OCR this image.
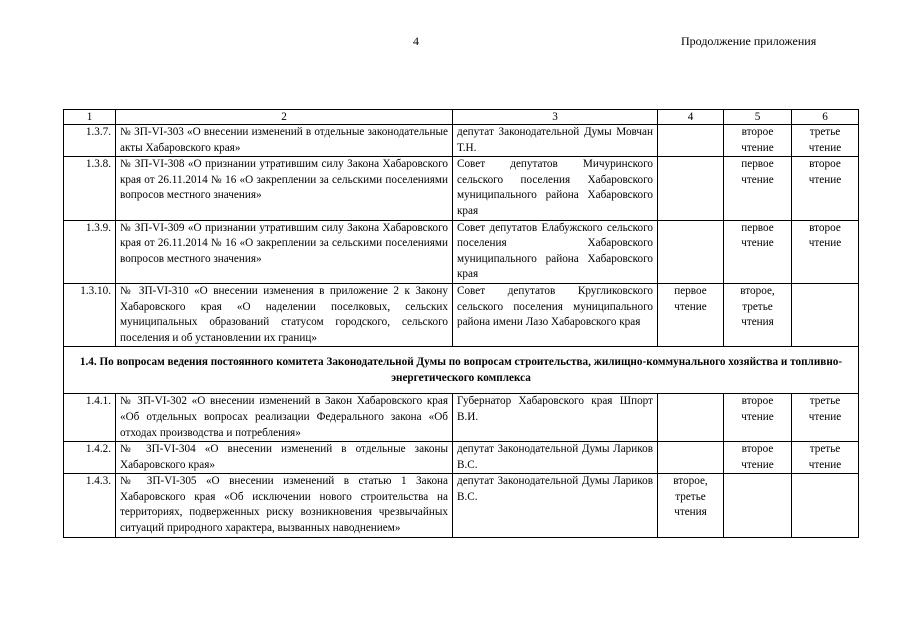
4	Продолжение приложения
1	2	3	4	5	6
1.3.7.	№ ЗП-VI-303 «О внесении изменений в отдельные законодательные акты Хабаровского края»	депутат Законодательной Думы Мовчан Т.Н.		второе чтение	третье чтение
1.3.8.	№ ЗП-VI-308 «О признании утратившим силу Закона Хабаровского края от 26.11.2014 № 16 «О закреплении за сельскими поселениями вопросов местного значения»	Совет депутатов Мичуринского сельского поселения Хабаровского муниципального района Хабаровского края		первое чтение	второе чтение
1.3.9.	№ ЗП-VI-309 «О признании утратившим силу Закона Хабаровского края от 26.11.2014 № 16 «О закреплении за сельскими поселениями вопросов местного значения»	Совет депутатов Елабужского сельского поселения Хабаровского муниципального района Хабаровского края		первое чтение	второе чтение
1.3.10.	№ ЗП-VI-310 «О внесении изменения в приложение 2 к Закону Хабаровского края «О наделении поселковых, сельских муниципальных образований статусом городского, сельского поселения и об установлении их границ»	Совет депутатов Кругликовского сельского поселения муниципального района имени Лазо Хабаровского края	первое чтение	второе, третье чтения	
1.4. По вопросам ведения постоянного комитета Законодательной Думы по вопросам строительства, жилищно-коммунального хозяйства и топливно-энергетического комплекса					
1.4.1.	№ ЗП-VI-302 «О внесении изменений в Закон Хабаровского края «Об отдельных вопросах реализации Федерального закона «Об отходах производства и потребления»	Губернатор Хабаровского края Шпорт В.И.		второе чтение	третье чтение
1.4.2.	№ ЗП-VI-304 «О внесении изменений в отдельные законы Хабаровского края»	депутат Законодательной Думы Лариков В.С.		второе чтение	третье чтение
1.4.3.	№ ЗП-VI-305 «О внесении изменений в статью 1 Закона Хабаровского края «Об исключении нового строительства на территориях, подверженных риску возникновения чрезвычайных ситуаций природного характера, вызванных наводнением»	депутат Законодательной Думы Лариков В.С.	второе, третье чтения		
